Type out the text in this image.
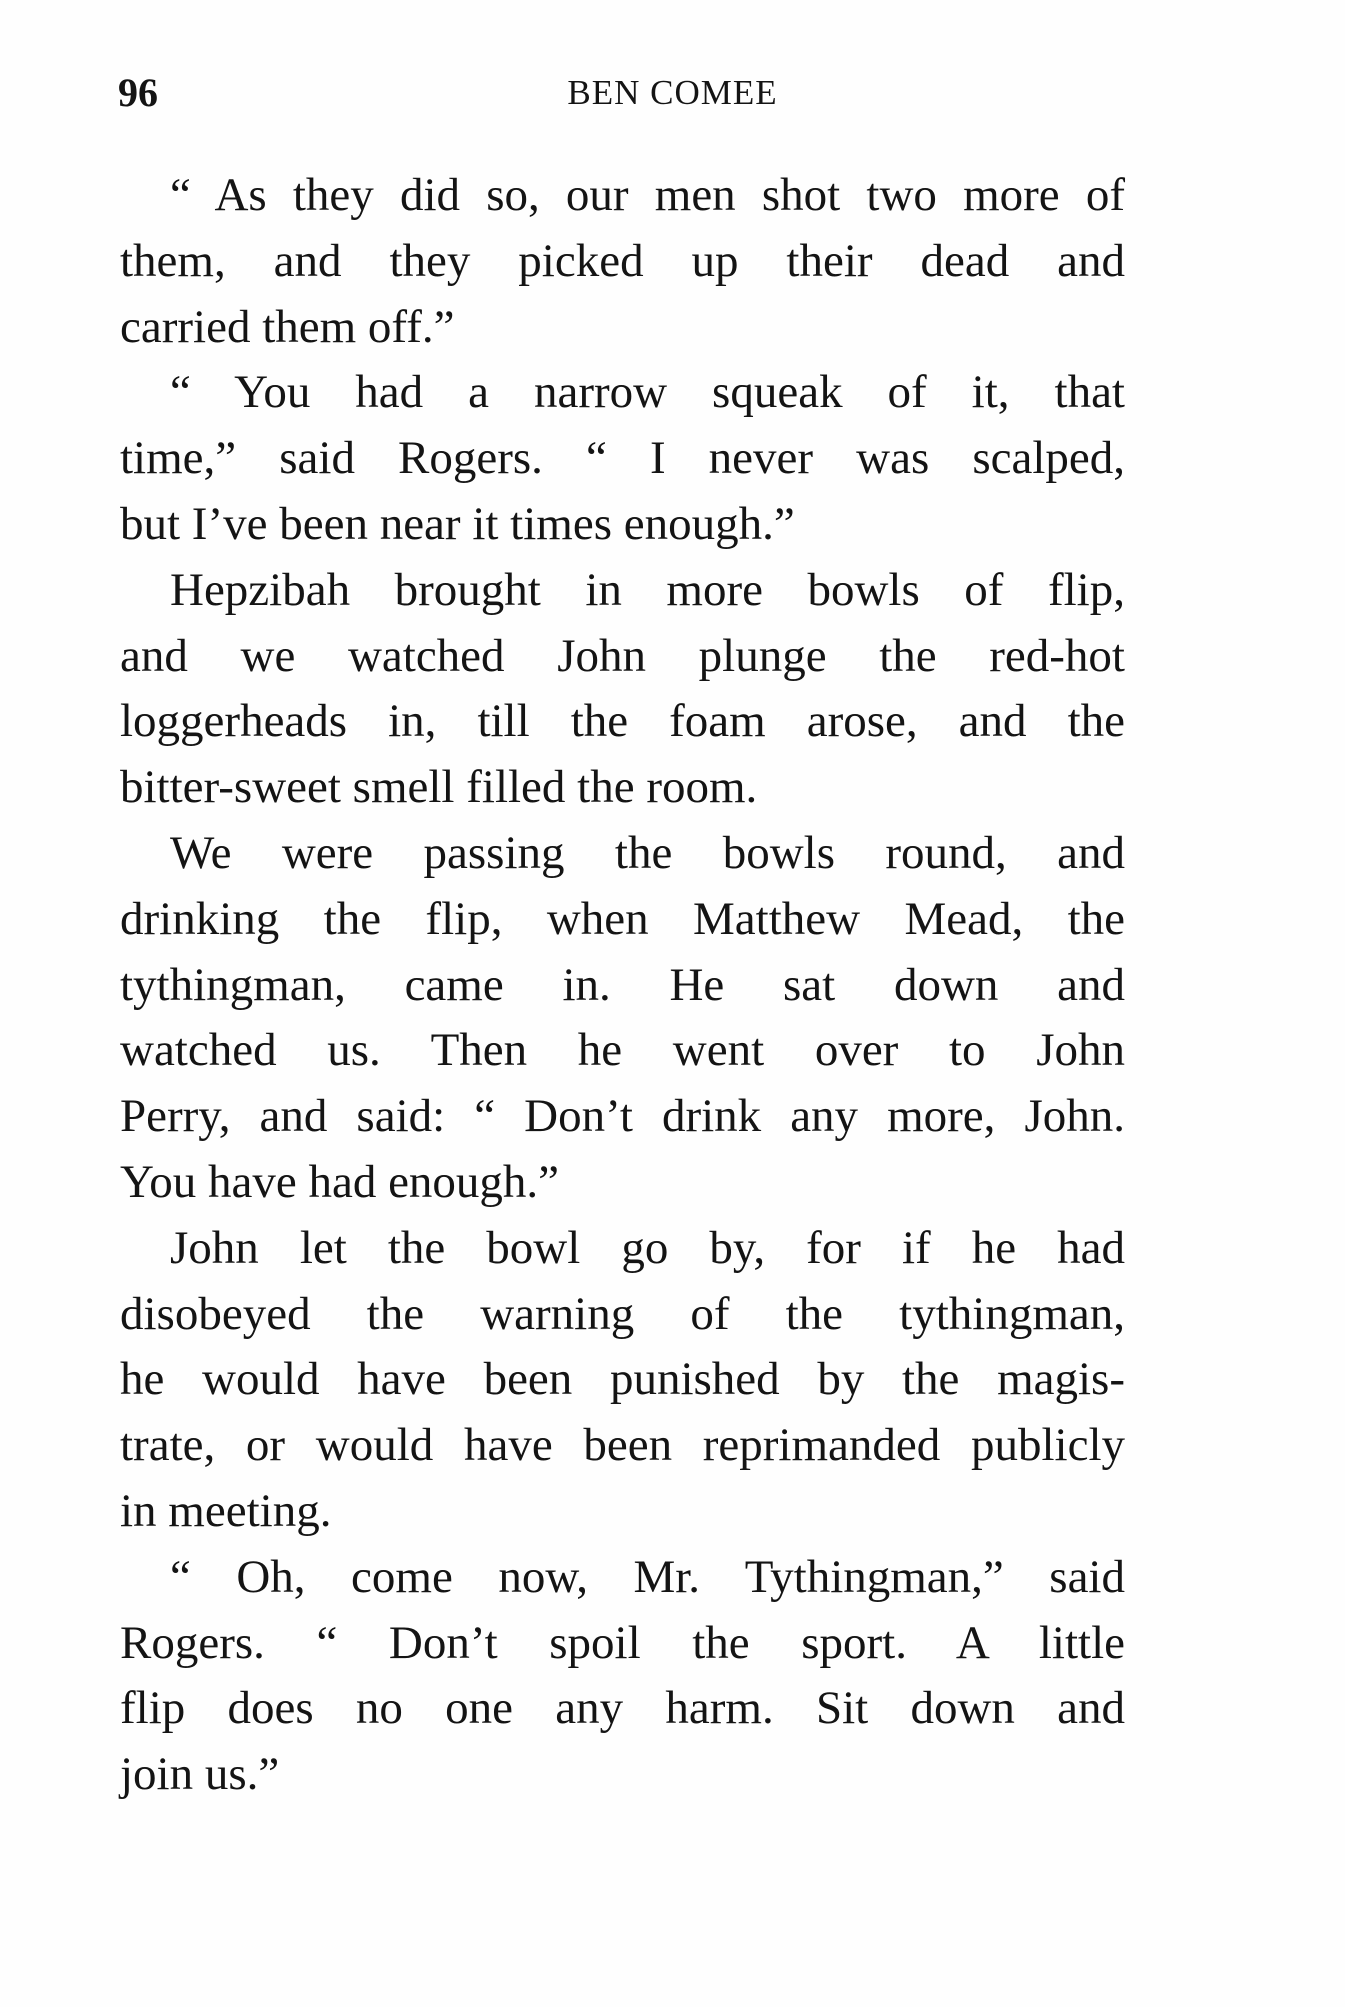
96	BEN COMEE

“ As they did so, our men shot two more of
them, and they picked up their dead and
carried them off.”

“ You had a narrow squeak of it, that
time,” said Rogers. “ I never was scalped,
but I’ve been near it times enough.”

Hepzibah brought in more bowls of flip,
and we watched John plunge the red-hot
loggerheads in, till the foam arose, and the
bitter-sweet smell filled the room.

We were passing the bowls round, and
drinking the flip, when Matthew Mead, the
tythingman, came in. He sat down and
watched us. Then he went over to John
Perry, and said: “ Don’t drink any more, John.
You have had enough.”

John let the bowl go by, for if he had
disobeyed the warning of the tythingman,
he would have been punished by the magis-
trate, or would have been reprimanded publicly
in meeting.

“ Oh, come now, Mr. Tythingman,” said
Rogers. “ Don’t spoil the sport. A little
flip does no one any harm. Sit down and
join us.”
